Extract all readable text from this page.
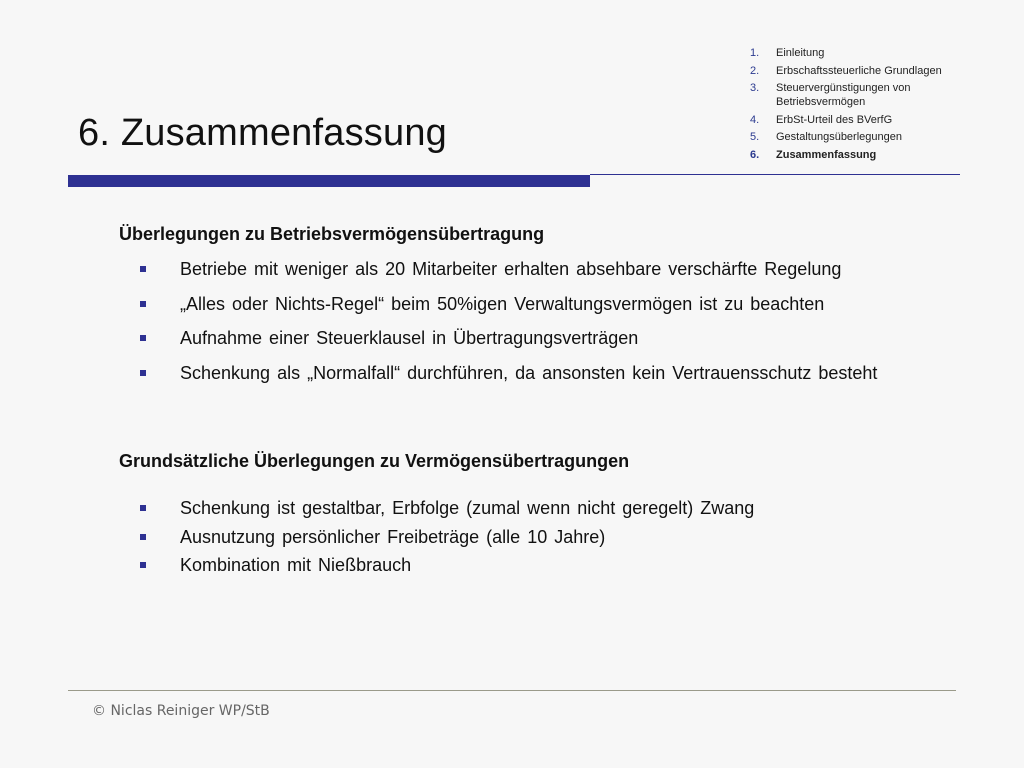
6. Zusammenfassung
1.	Einleitung
2.	Erbschaftssteuerliche Grundlagen
3.	Steuervergünstigungen von Betriebsvermögen
4.	ErbSt-Urteil des BVerfG
5.	Gestaltungsüberlegungen
6.	Zusammenfassung
Überlegungen zu Betriebsvermögensübertragung
Betriebe mit weniger als 20 Mitarbeiter erhalten absehbare verschärfte Regelung
„Alles oder Nichts-Regel“ beim 50%igen Verwaltungsvermögen ist zu beachten
Aufnahme einer Steuerklausel in Übertragungsverträgen
Schenkung als „Normalfall“ durchführen, da ansonsten kein Vertrauensschutz besteht
Grundsätzliche Überlegungen zu Vermögensübertragungen
Schenkung ist gestaltbar, Erbfolge (zumal wenn nicht geregelt) Zwang
Ausnutzung persönlicher Freibeträge (alle 10 Jahre)
Kombination mit Nießbrauch
© Niclas Reiniger WP/StB
